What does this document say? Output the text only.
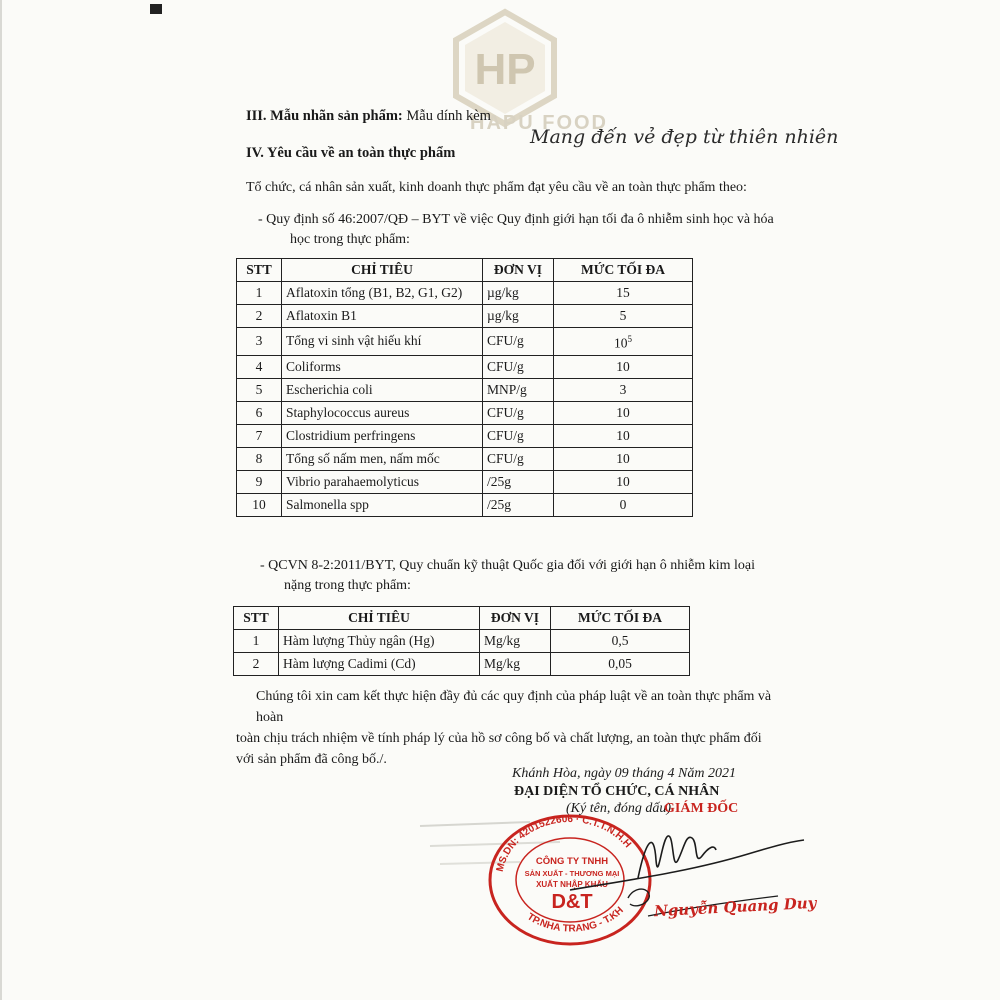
HP
HAPU FOOD
Mang đến vẻ đẹp từ thiên nhiên
III. Mẫu nhãn sản phẩm: Mẫu dính kèm
IV. Yêu cầu về an toàn thực phẩm
Tổ chức, cá nhân sản xuất, kinh doanh thực phẩm đạt yêu cầu về an toàn thực phẩm theo:
- Quy định số 46:2007/QĐ – BYT về việc Quy định giới hạn tối đa ô nhiễm sinh học và hóa
học trong thực phẩm:
STT	CHỈ TIÊU	ĐƠN VỊ	MỨC TỐI ĐA
1	Aflatoxin tổng (B1, B2, G1, G2)	µg/kg	15
2	Aflatoxin B1	µg/kg	5
3	Tổng vi sinh vật hiếu khí	CFU/g	$10^5$
4	Coliforms	CFU/g	10
5	Escherichia coli	MNP/g	3
6	Staphylococcus aureus	CFU/g	10
7	Clostridium perfringens	CFU/g	10
8	Tổng số nấm men, nấm mốc	CFU/g	10
9	Vibrio parahaemolyticus	/25g	10
10	Salmonella spp	/25g	0
- QCVN 8-2:2011/BYT, Quy chuẩn kỹ thuật Quốc gia đối với giới hạn ô nhiễm kim loại
nặng trong thực phẩm:
STT	CHỈ TIÊU	ĐƠN VỊ	MỨC TỐI ĐA
1	Hàm lượng Thủy ngân (Hg)	Mg/kg	0,5
2	Hàm lượng Cadimi (Cd)	Mg/kg	0,05
Chúng tôi xin cam kết thực hiện đầy đủ các quy định của pháp luật về an toàn thực phẩm và hoàn
toàn chịu trách nhiệm về tính pháp lý của hồ sơ công bố và chất lượng, an toàn thực phẩm đối
với sản phẩm đã công bố./.
Khánh Hòa, ngày 09 tháng 4 Năm 2021
ĐẠI DIỆN TỔ CHỨC, CÁ NHÂN
(Ký tên, đóng dấu)
GIÁM ĐỐC
MS.DN: 4201522606 · C.T.T.N.H.H
TP.NHA TRANG - T.KH
CÔNG TY TNHH
SẢN XUẤT - THƯƠNG MẠI
XUẤT NHẬP KHẨU
D&T	Nguyễn Quang Duy
